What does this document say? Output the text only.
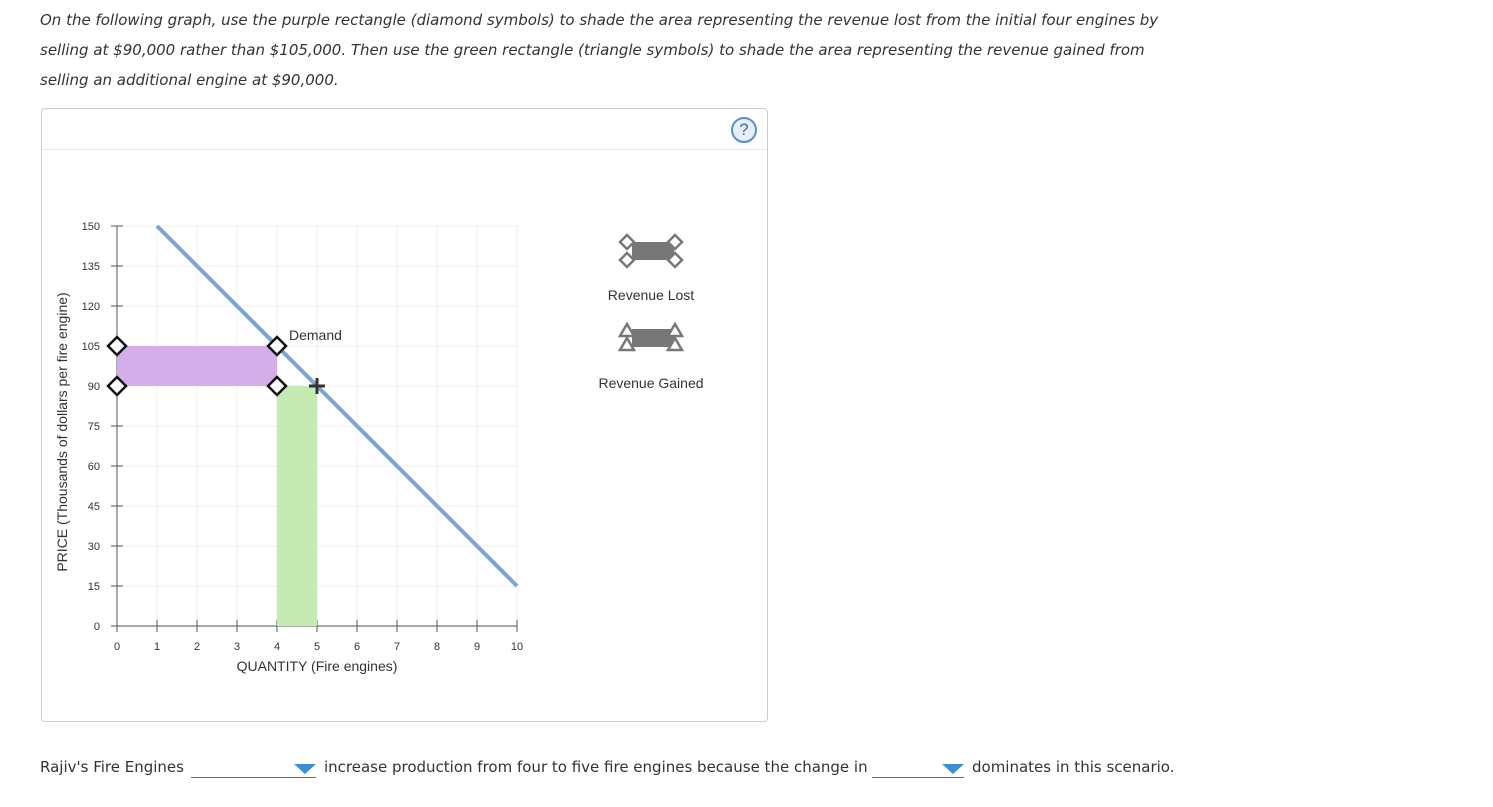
On the following graph, use the purple rectangle (diamond symbols) to shade the area representing the revenue lost from the initial four engines by
selling at $90,000 rather than $105,000. Then use the green rectangle (triangle symbols) to shade the area representing the revenue gained from
selling an additional engine at $90,000.
?
0	1	2	3	4	5	6	7	8	9	10
0
15
30
45
60
75
90
105
120
135
150
QUANTITY (Fire engines)
PRICE (Thousands of dollars per fire engine)	Demand
Revenue Lost
Revenue Gained
Rajiv's Fire Engines	increase production from four to five fire engines because the change in	dominates in this scenario.
